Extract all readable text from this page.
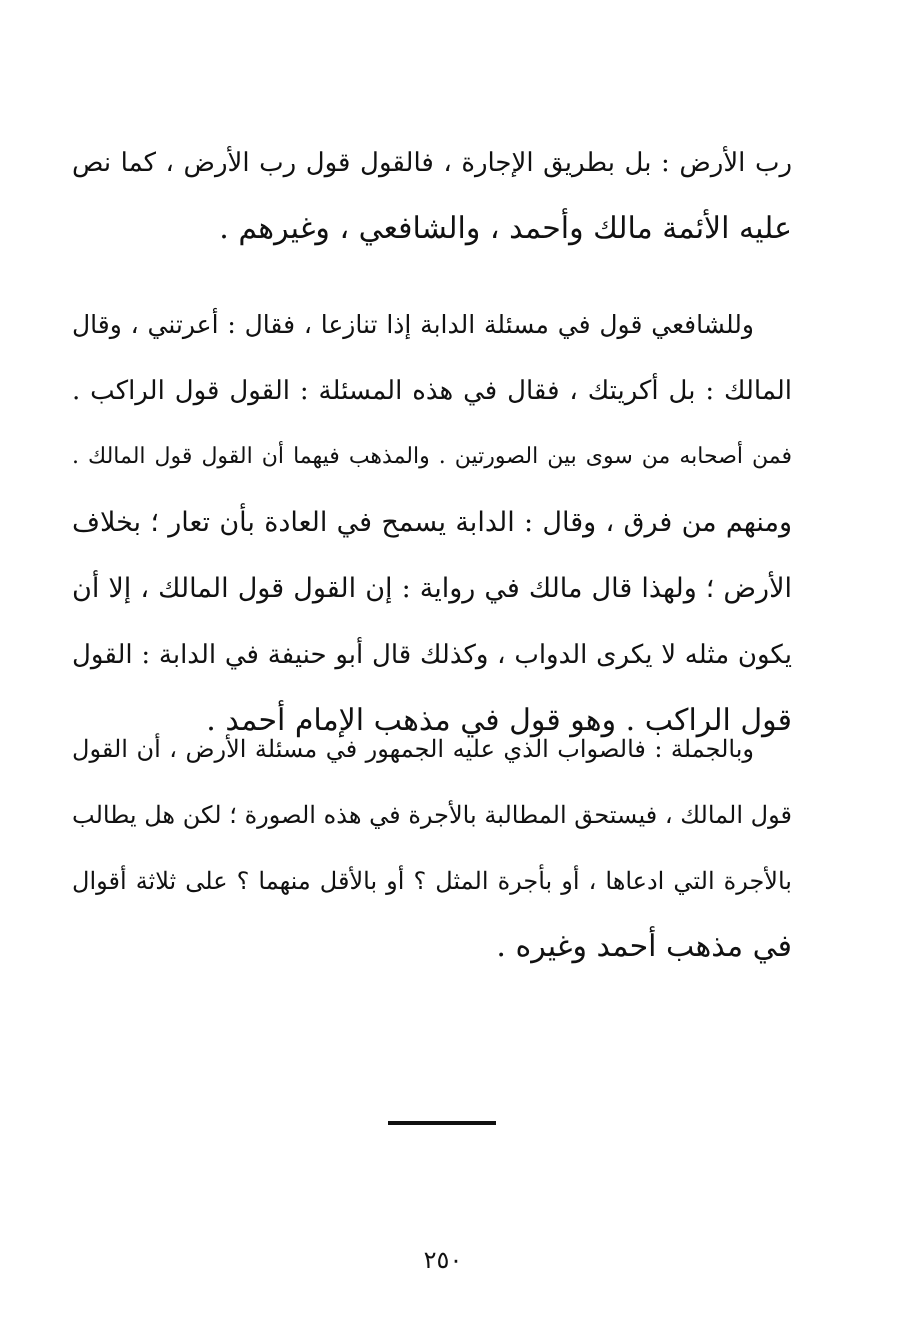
رب الأرض : بل بطريق الإجارة ، فالقول قول رب الأرض ، كما نص
عليه الأئمة مالك وأحمد ، والشافعي ، وغيرهم .
وللشافعي قول في مسئلة الدابة إذا تنازعا ، فقال : أعرتني ، وقال
المالك : بل أكريتك ، فقال في هذه المسئلة : القول قول الراكب .
فمن أصحابه من سوى بين الصورتين . والمذهب فيهما أن القول قول المالك .
ومنهم من فرق ، وقال : الدابة يسمح في العادة بأن تعار ؛ بخلاف
الأرض ؛ ولهذا قال مالك في رواية : إن القول قول المالك ، إلا أن
يكون مثله لا يكرى الدواب ، وكذلك قال أبو حنيفة في الدابة : القول
قول الراكب . وهو قول في مذهب الإمام أحمد .
وبالجملة : فالصواب الذي عليه الجمهور في مسئلة الأرض ، أن القول
قول المالك ، فيستحق المطالبة بالأجرة في هذه الصورة ؛ لكن هل يطالب
بالأجرة التي ادعاها ، أو بأجرة المثل ؟ أو بالأقل منهما ؟ على ثلاثة أقوال
في مذهب أحمد وغيره .
٢٥٠
